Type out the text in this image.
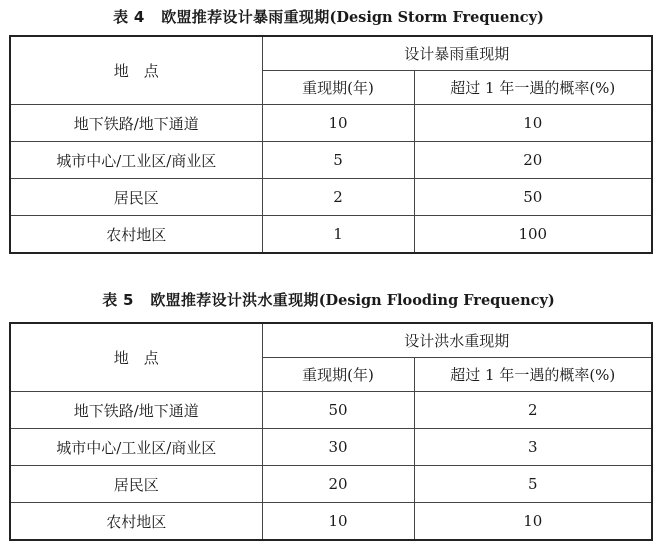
表 4 欧盟推荐设计暴雨重现期(Design Storm Frequency)
地　点	设计暴雨重现期	
	重现期(年)	超过 1 年一遇的概率(%)
地下铁路/地下通道	10	10
城市中心/工业区/商业区	5	20
居民区	2	50
农村地区	1	100
表 5 欧盟推荐设计洪水重现期(Design Flooding Frequency)
地　点	设计洪水重现期	
	重现期(年)	超过 1 年一遇的概率(%)
地下铁路/地下通道	50	2
城市中心/工业区/商业区	30	3
居民区	20	5
农村地区	10	10
